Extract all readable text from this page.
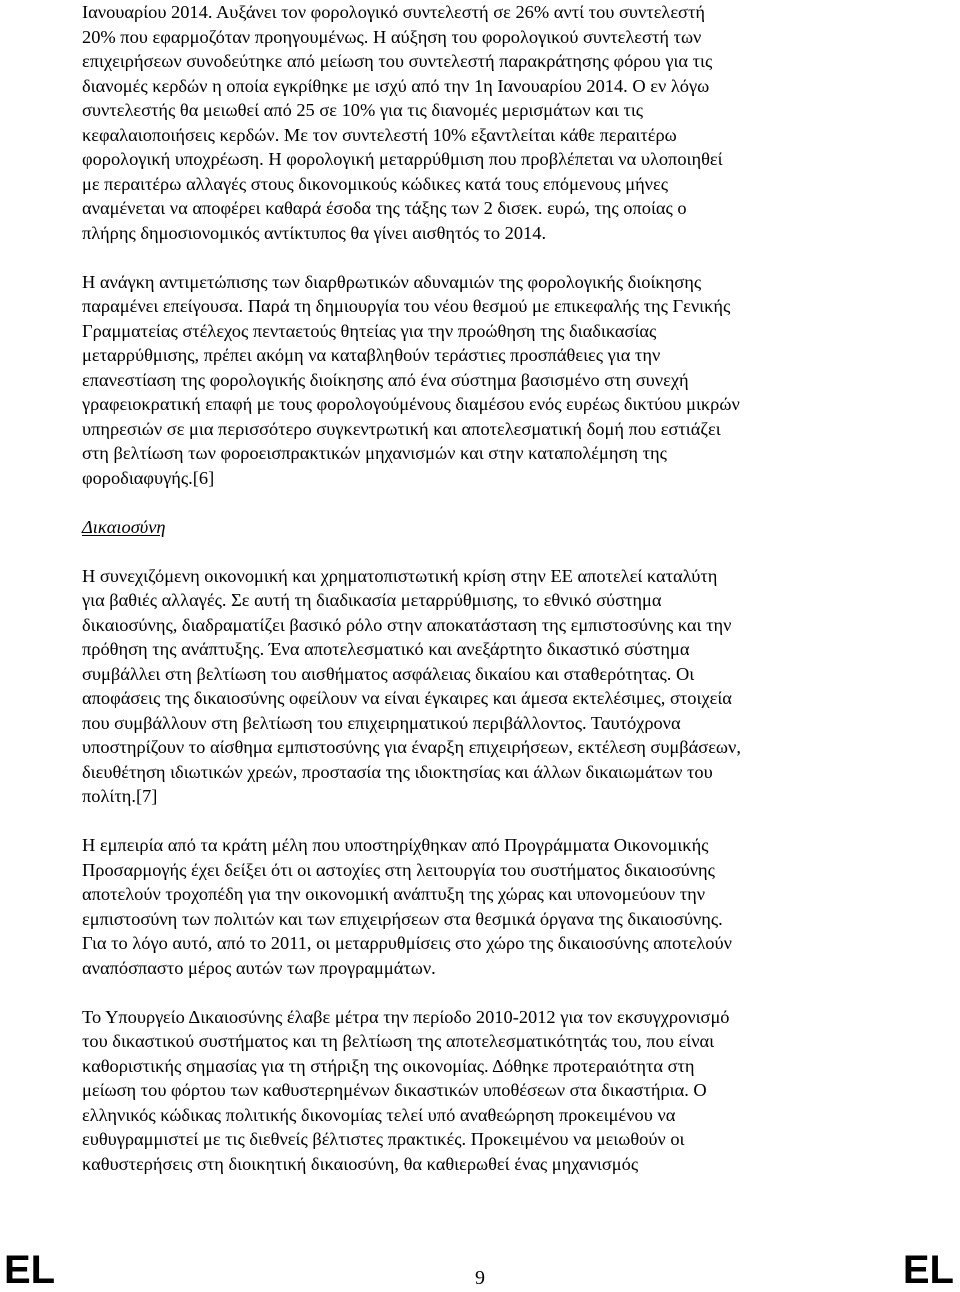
Ιανουαρίου 2014. Αυξάνει τον φορολογικό συντελεστή σε 26% αντί του συντελεστή
20% που εφαρμοζόταν προηγουμένως. Η αύξηση του φορολογικού συντελεστή των
επιχειρήσεων συνοδεύτηκε από μείωση του συντελεστή παρακράτησης φόρου για τις
διανομές κερδών η οποία εγκρίθηκε με ισχύ από την 1η Ιανουαρίου 2014. Ο εν λόγω
συντελεστής θα μειωθεί από 25 σε 10% για τις διανομές μερισμάτων και τις
κεφαλαιοποιήσεις κερδών. Με τον συντελεστή 10% εξαντλείται κάθε περαιτέρω
φορολογική υποχρέωση. Η φορολογική μεταρρύθμιση που προβλέπεται να υλοποιηθεί
με περαιτέρω αλλαγές στους δικονομικούς κώδικες κατά τους επόμενους μήνες
αναμένεται να αποφέρει καθαρά έσοδα της τάξης των 2 δισεκ. ευρώ, της οποίας ο
πλήρης δημοσιονομικός αντίκτυπος θα γίνει αισθητός το 2014.
Η ανάγκη αντιμετώπισης των διαρθρωτικών αδυναμιών της φορολογικής διοίκησης
παραμένει επείγουσα. Παρά τη δημιουργία του νέου θεσμού με επικεφαλής της Γενικής
Γραμματείας στέλεχος πενταετούς θητείας για την προώθηση της διαδικασίας
μεταρρύθμισης, πρέπει ακόμη να καταβληθούν τεράστιες προσπάθειες για την
επανεστίαση της φορολογικής διοίκησης από ένα σύστημα βασισμένο στη συνεχή
γραφειοκρατική επαφή με τους φορολογούμένους διαμέσου ενός ευρέως δικτύου μικρών
υπηρεσιών σε μια περισσότερο συγκεντρωτική και αποτελεσματική δομή που εστιάζει
στη βελτίωση των φοροεισπρακτικών μηχανισμών και στην καταπολέμηση της
φοροδιαφυγής.[6]
Δικαιοσύνη
Η συνεχιζόμενη οικονομική και χρηματοπιστωτική κρίση στην ΕΕ αποτελεί καταλύτη
για βαθιές αλλαγές. Σε αυτή τη διαδικασία μεταρρύθμισης, το εθνικό σύστημα
δικαιοσύνης, διαδραματίζει βασικό ρόλο στην αποκατάσταση της εμπιστοσύνης και την
πρόθηση της ανάπτυξης. Ένα αποτελεσματικό και ανεξάρτητο δικαστικό σύστημα
συμβάλλει στη βελτίωση του αισθήματος ασφάλειας δικαίου και σταθερότητας. Οι
αποφάσεις της δικαιοσύνης οφείλουν να είναι έγκαιρες και άμεσα εκτελέσιμες, στοιχεία
που συμβάλλουν στη βελτίωση του επιχειρηματικού περιβάλλοντος. Ταυτόχρονα
υποστηρίζουν το αίσθημα εμπιστοσύνης για έναρξη επιχειρήσεων, εκτέλεση συμβάσεων,
διευθέτηση ιδιωτικών χρεών, προστασία της ιδιοκτησίας και άλλων δικαιωμάτων του
πολίτη.[7]
Η εμπειρία από τα κράτη μέλη που υποστηρίχθηκαν από Προγράμματα Οικονομικής
Προσαρμογής έχει δείξει ότι οι αστοχίες στη λειτουργία του συστήματος δικαιοσύνης
αποτελούν τροχοπέδη για την οικονομική ανάπτυξη της χώρας και υπονομεύουν την
εμπιστοσύνη των πολιτών και των επιχειρήσεων στα θεσμικά όργανα της δικαιοσύνης.
Για το λόγο αυτό, από το 2011, οι μεταρρυθμίσεις στο χώρο της δικαιοσύνης αποτελούν
αναπόσπαστο μέρος αυτών των προγραμμάτων.
Το Υπουργείο Δικαιοσύνης έλαβε μέτρα την περίοδο 2010-2012 για τον εκσυγχρονισμό
του δικαστικού συστήματος και τη βελτίωση της αποτελεσματικότητάς του, που είναι
καθοριστικής σημασίας για τη στήριξη της οικονομίας. Δόθηκε προτεραιότητα στη
μείωση του φόρτου των καθυστερημένων δικαστικών υποθέσεων στα δικαστήρια. Ο
ελληνικός κώδικας πολιτικής δικονομίας τελεί υπό αναθεώρηση προκειμένου να
ευθυγραμμιστεί με τις διεθνείς βέλτιστες πρακτικές. Προκειμένου να μειωθούν οι
καθυστερήσεις στη διοικητική δικαιοσύνη, θα καθιερωθεί ένας μηχανισμός
EL	9	EL
